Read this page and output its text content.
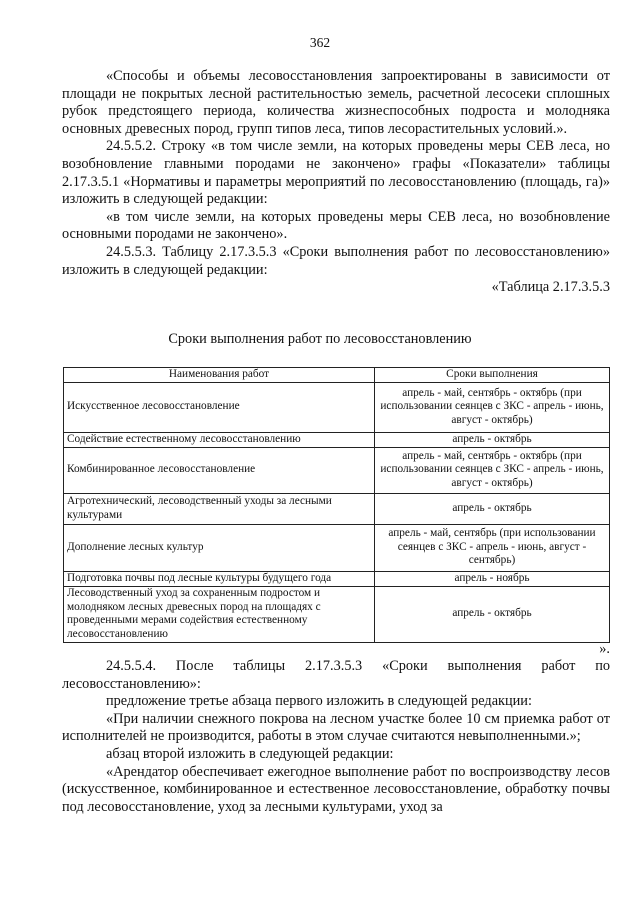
362

«Способы и объемы лесовосстановления запроектированы в зависимости от площади не покрытых лесной растительностью земель, расчетной лесосеки сплошных рубок предстоящего периода, количества жизнеспособных подроста и молодняка основных древесных пород, групп типов леса, типов лесорастительных условий.».

24.5.5.2. Строку «в том числе земли, на которых проведены меры СЕВ леса, но возобновление главными породами не закончено» графы «Показатели» таблицы 2.17.3.5.1 «Нормативы и параметры мероприятий по лесовосстановлению (площадь, га)» изложить в следующей редакции:

«в том числе земли, на которых проведены меры СЕВ леса, но возобновление основными породами не закончено».

24.5.5.3. Таблицу 2.17.3.5.3 «Сроки выполнения работ по лесовосстановлению» изложить в следующей редакции:

«Таблица 2.17.3.5.3

Сроки выполнения работ по лесовосстановлению
Наименования работ	Сроки выполнения
Искусственное лесовосстановление	апрель - май, сентябрь - октябрь (при использовании сеянцев с ЗКС - апрель - июнь, август - октябрь)
Содействие естественному лесовосстановлению	апрель - октябрь
Комбинированное лесовосстановление	апрель - май, сентябрь - октябрь (при использовании сеянцев с ЗКС - апрель - июнь, август - октябрь)
Агротехнический, лесоводственный уходы за лесными культурами	апрель - октябрь
Дополнение лесных культур	апрель - май, сентябрь (при использовании сеянцев с ЗКС - апрель - июнь, август - сентябрь)
Подготовка почвы под лесные культуры будущего года	апрель - ноябрь
Лесоводственный уход за сохраненным подростом и молодняком лесных древесных пород на площадях с проведенными мерами содействия естественному лесовосстановлению	апрель - октябрь
».

24.5.5.4. После таблицы 2.17.3.5.3 «Сроки выполнения работ по лесовосстановлению»:

предложение третье абзаца первого изложить в следующей редакции:

«При наличии снежного покрова на лесном участке более 10 см приемка работ от исполнителей не производится, работы в этом случае считаются невыполненными.»;

абзац второй изложить в следующей редакции:

«Арендатор обеспечивает ежегодное выполнение работ по воспроизводству лесов (искусственное, комбинированное и естественное лесовосстановление, обработку почвы под лесовосстановление, уход за лесными культурами, уход за
